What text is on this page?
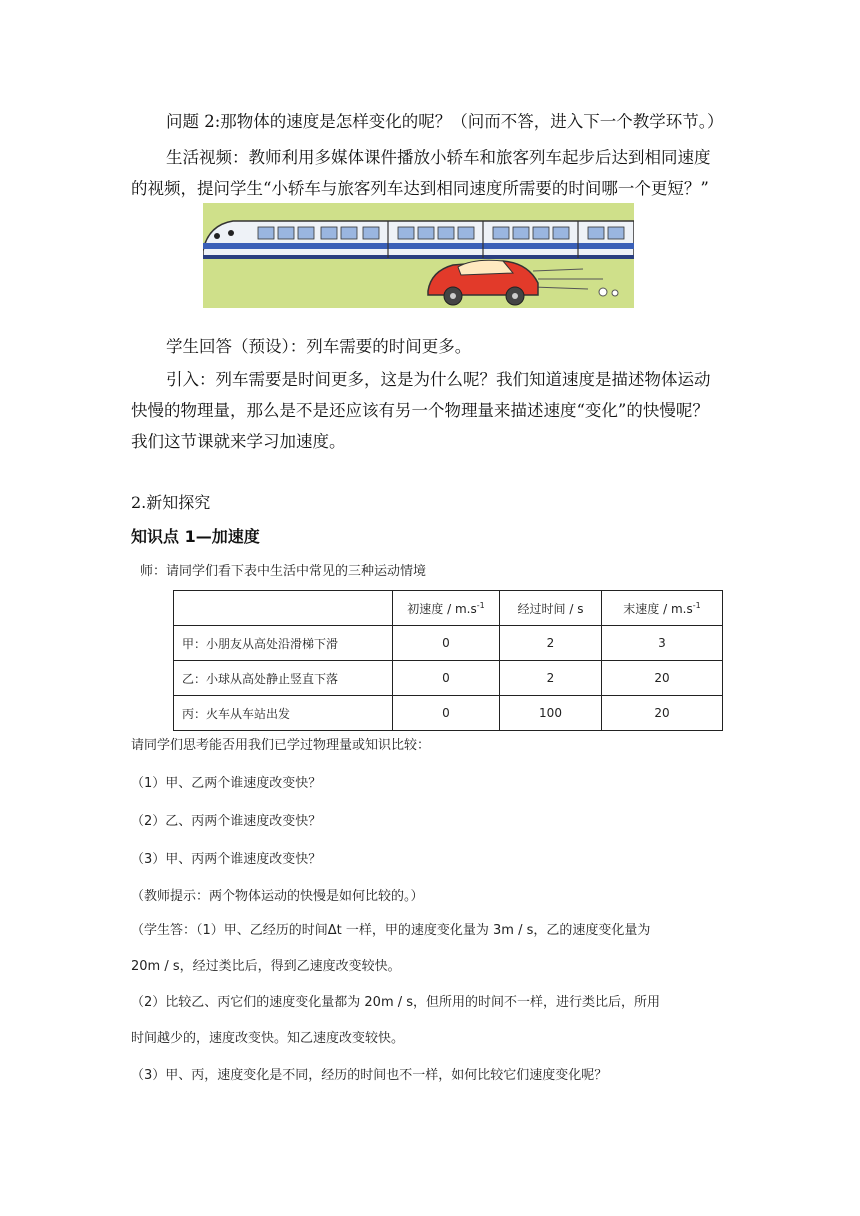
问题 2:那物体的速度是怎样变化的呢？（问而不答，进入下一个教学环节。）
生活视频：教师利用多媒体课件播放小轿车和旅客列车起步后达到相同速度
的视频，提问学生“小轿车与旅客列车达到相同速度所需要的时间哪一个更短？”
学生回答（预设）：列车需要的时间更多。
引入：列车需要是时间更多，这是为什么呢？我们知道速度是描述物体运动
快慢的物理量，那么是不是还应该有另一个物理量来描述速度“变化”的快慢呢？
我们这节课就来学习加速度。
2.新知探究
知识点 1—加速度
师：请同学们看下表中生活中常见的三种运动情境
	初速度 / $m.s^{-1}$	经过时间 / s	末速度 / $m.s^{-1}$
甲：小朋友从高处沿滑梯下滑	0	2	3
乙：小球从高处静止竖直下落	0	2	20
丙：火车从车站出发	0	100	20
请同学们思考能否用我们已学过物理量或知识比较：
（1）甲、乙两个谁速度改变快？
（2）乙、丙两个谁速度改变快？
（3）甲、丙两个谁速度改变快？
（教师提示：两个物体运动的快慢是如何比较的。）
（学生答：（1）甲、乙经历的时间Δt 一样，甲的速度变化量为 3m / s，乙的速度变化量为
20m / s，经过类比后，得到乙速度改变较快。
（2）比较乙、丙它们的速度变化量都为 20m / s，但所用的时间不一样，进行类比后，所用
时间越少的，速度改变快。知乙速度改变较快。
（3）甲、丙，速度变化是不同，经历的时间也不一样，如何比较它们速度变化呢？
